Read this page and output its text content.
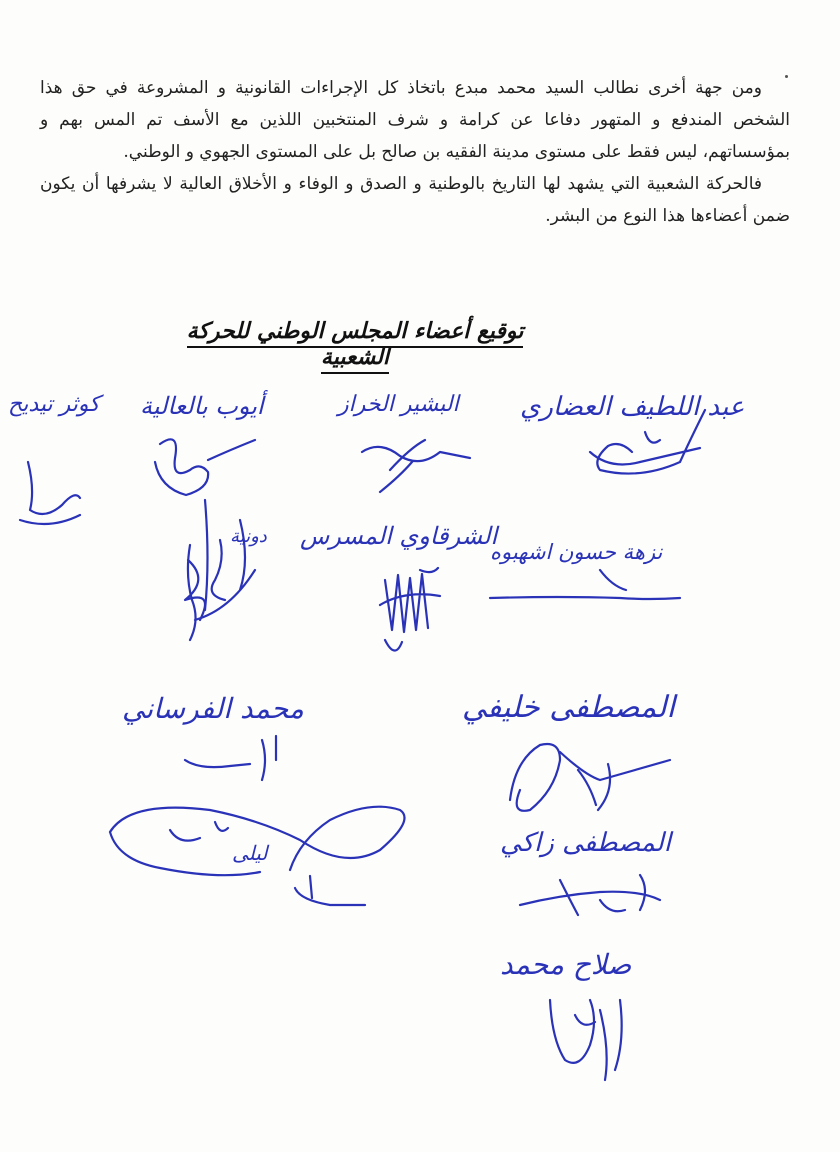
ومن جهة أخرى نطالب السيد محمد مبدع باتخاذ كل الإجراءات القانونية و المشروعة في حق هذا الشخص المندفع و المتهور دفاعا عن كرامة و شرف المنتخبين اللذين مع الأسف تم المس بهم و بمؤسساتهم، ليس فقط على مستوى مدينة الفقيه بن صالح بل على المستوى الجهوي و الوطني.

فالحركة الشعبية التي يشهد لها التاريخ بالوطنية و الصدق و الوفاء و الأخلاق العالية لا يشرفها أن يكون ضمن أعضاءها هذا النوع من البشر.

توقيع أعضاء المجلس الوطني للحركة الشعبية
عبد اللطيف العضاري
البشير الخراز
أيوب بالعالية
كوثر تيديح
الشرقاوي المسرس
دونية
نزهة حسون اشهبوه
محمد الفرساني	المصطفى خليفي
المصطفى زاكي
صلاح محمد
ليلى
